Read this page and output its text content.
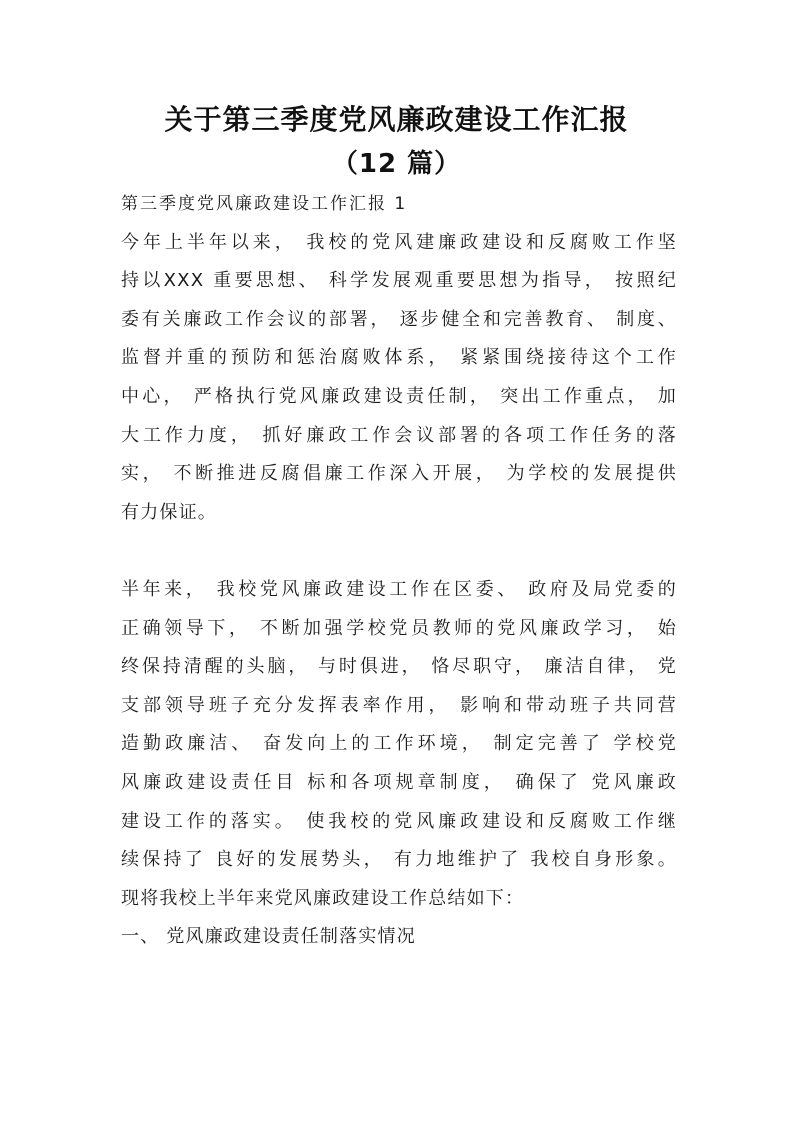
关于第三季度党风廉政建设工作汇报
（12 篇）
第三季度党风廉政建设工作汇报 1
今年上半年以来， 我校的党风建廉政建设和反腐败工作坚
持以XXX 重要思想、 科学发展观重要思想为指导， 按照纪
委有关廉政工作会议的部署， 逐步健全和完善教育、 制度、
监督并重的预防和惩治腐败体系， 紧紧围绕接待这个工作
中心， 严格执行党风廉政建设责任制， 突出工作重点， 加
大工作力度， 抓好廉政工作会议部署的各项工作任务的落
实， 不断推进反腐倡廉工作深入开展， 为学校的发展提供
有力保证。
半年来， 我校党风廉政建设工作在区委、 政府及局党委的
正确领导下， 不断加强学校党员教师的党风廉政学习， 始
终保持清醒的头脑， 与时俱进， 恪尽职守， 廉洁自律， 党
支部领导班子充分发挥表率作用， 影响和带动班子共同营
造勤政廉洁、 奋发向上的工作环境， 制定完善了 学校党
风廉政建设责任目 标和各项规章制度， 确保了 党风廉政
建设工作的落实。 使我校的党风廉政建设和反腐败工作继
续保持了 良好的发展势头， 有力地维护了 我校自身形象。
现将我校上半年来党风廉政建设工作总结如下：
一、 党风廉政建设责任制落实情况
